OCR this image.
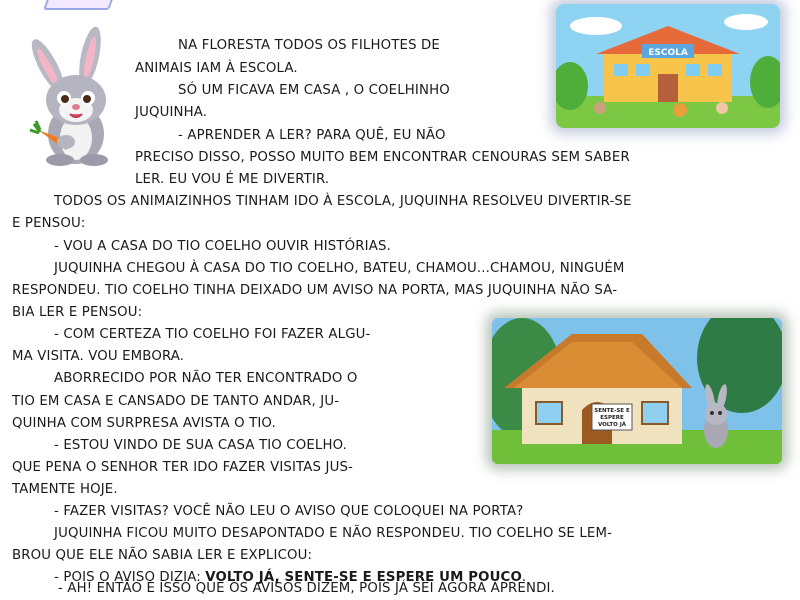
ESCOLA
SENTE-SE E
ESPERE
VOLTO JÁ
NA FLORESTA TODOS OS FILHOTES DE
ANIMAIS IAM À ESCOLA.
SÓ UM FICAVA EM CASA , O COELHINHO
JUQUINHA.
- APRENDER A LER? PARA QUÊ, EU NÃO
PRECISO DISSO, POSSO MUITO BEM ENCONTRAR CENOURAS SEM SABER
LER. EU VOU É ME DIVERTIR.
TODOS OS ANIMAIZINHOS TINHAM IDO À ESCOLA, JUQUINHA RESOLVEU DIVERTIR-SE
E PENSOU:
- VOU A CASA DO TIO COELHO OUVIR HISTÓRIAS.
JUQUINHA CHEGOU À CASA DO TIO COELHO, BATEU, CHAMOU...CHAMOU, NINGUÉM
RESPONDEU. TIO COELHO TINHA DEIXADO UM AVISO NA PORTA, MAS JUQUINHA NÃO SA-
BIA LER E PENSOU:
- COM CERTEZA TIO COELHO FOI FAZER ALGU-
MA VISITA. VOU EMBORA.
ABORRECIDO POR NÃO TER ENCONTRADO O
TIO EM CASA E CANSADO DE TANTO ANDAR, JU-
QUINHA COM SURPRESA AVISTA O TIO.
- ESTOU VINDO DE SUA CASA TIO COELHO.
QUE PENA O SENHOR TER IDO FAZER VISITAS JUS-
TAMENTE HOJE.
- FAZER VISITAS? VOCÊ NÃO LEU O AVISO QUE COLOQUEI NA PORTA?
JUQUINHA FICOU MUITO DESAPONTADO E NÃO RESPONDEU. TIO COELHO SE LEM-
BROU QUE ELE NÃO SABIA LER E EXPLICOU:
- POIS O AVISO DIZIA: VOLTO JÁ, SENTE-SE E ESPERE UM POUCO.
- AH! ENTÃO É ISSO QUE OS AVISOS DIZEM, POIS JÁ SEI AGORA APRENDI.
